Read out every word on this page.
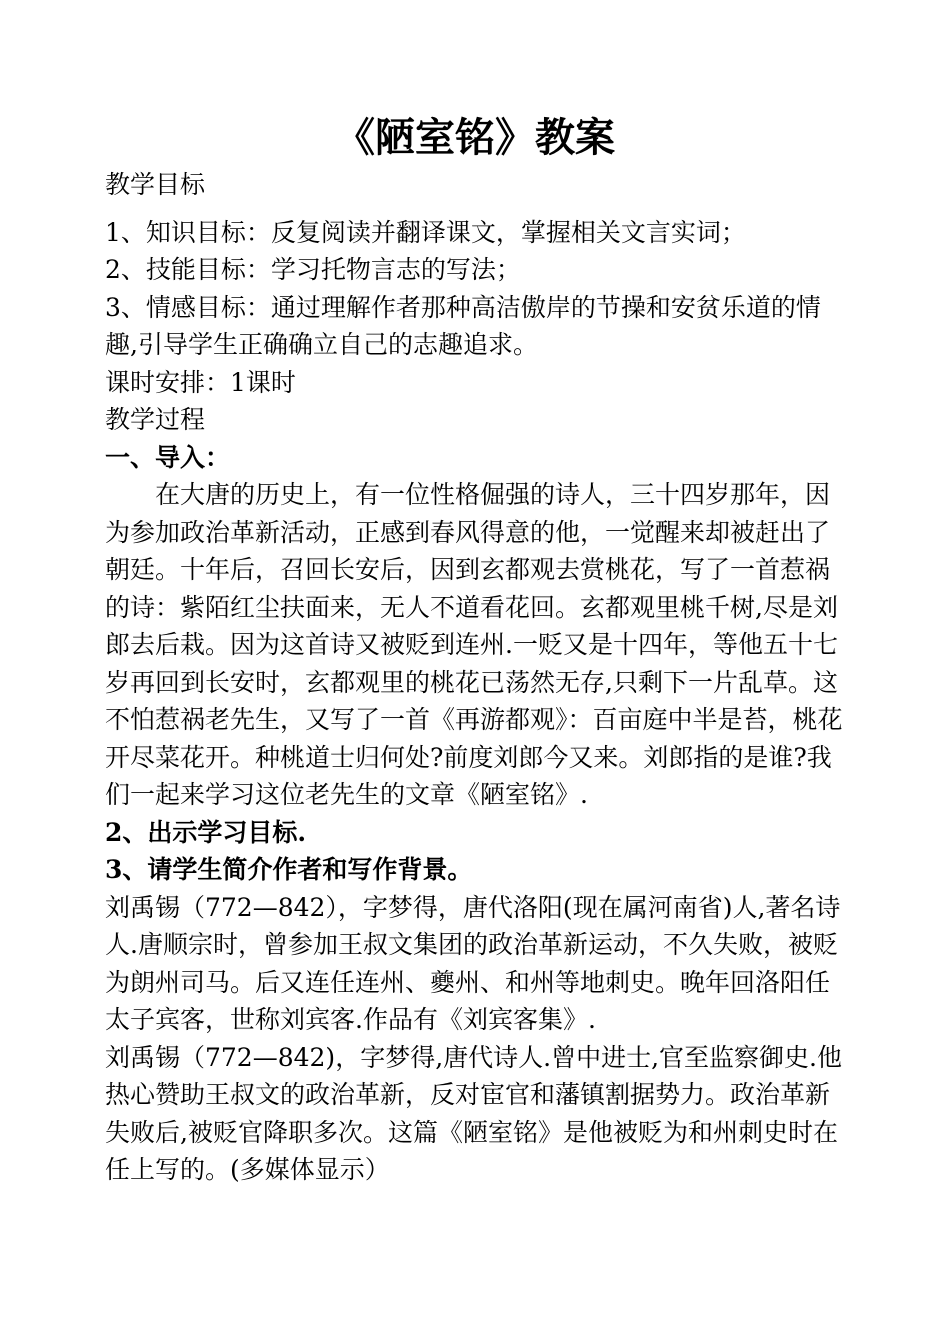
《陋室铭》教案

教学目标

1、知识目标：反复阅读并翻译课文，掌握相关文言实词；

2、技能目标：学习托物言志的写法；

3、情感目标：通过理解作者那种高洁傲岸的节操和安贫乐道的情趣,引导学生正确确立自己的志趣追求。

课时安排：1课时

教学过程

一、导入：

在大唐的历史上，有一位性格倔强的诗人，三十四岁那年，因为参加政治革新活动，正感到春风得意的他，一觉醒来却被赶出了朝廷。十年后，召回长安后，因到玄都观去赏桃花，写了一首惹祸的诗：紫陌红尘扶面来，无人不道看花回。玄都观里桃千树,尽是刘郎去后栽。因为这首诗又被贬到连州.一贬又是十四年，等他五十七岁再回到长安时，玄都观里的桃花已荡然无存,只剩下一片乱草。这不怕惹祸老先生，又写了一首《再游都观》：百亩庭中半是苔，桃花开尽菜花开。种桃道士归何处?前度刘郎今又来。刘郎指的是谁?我们一起来学习这位老先生的文章《陋室铭》.

2、出示学习目标.

3、请学生简介作者和写作背景。

刘禹锡（772—842），字梦得，唐代洛阳(现在属河南省)人,著名诗人.唐顺宗时，曾参加王叔文集团的政治革新运动，不久失败，被贬为朗州司马。后又连任连州、夔州、和州等地刺史。晚年回洛阳任太子宾客，世称刘宾客.作品有《刘宾客集》.

刘禹锡（772—842)，字梦得,唐代诗人.曾中进士,官至监察御史.他热心赞助王叔文的政治革新，反对宦官和藩镇割据势力。政治革新失败后,被贬官降职多次。这篇《陋室铭》是他被贬为和州刺史时在任上写的。(多媒体显示）
